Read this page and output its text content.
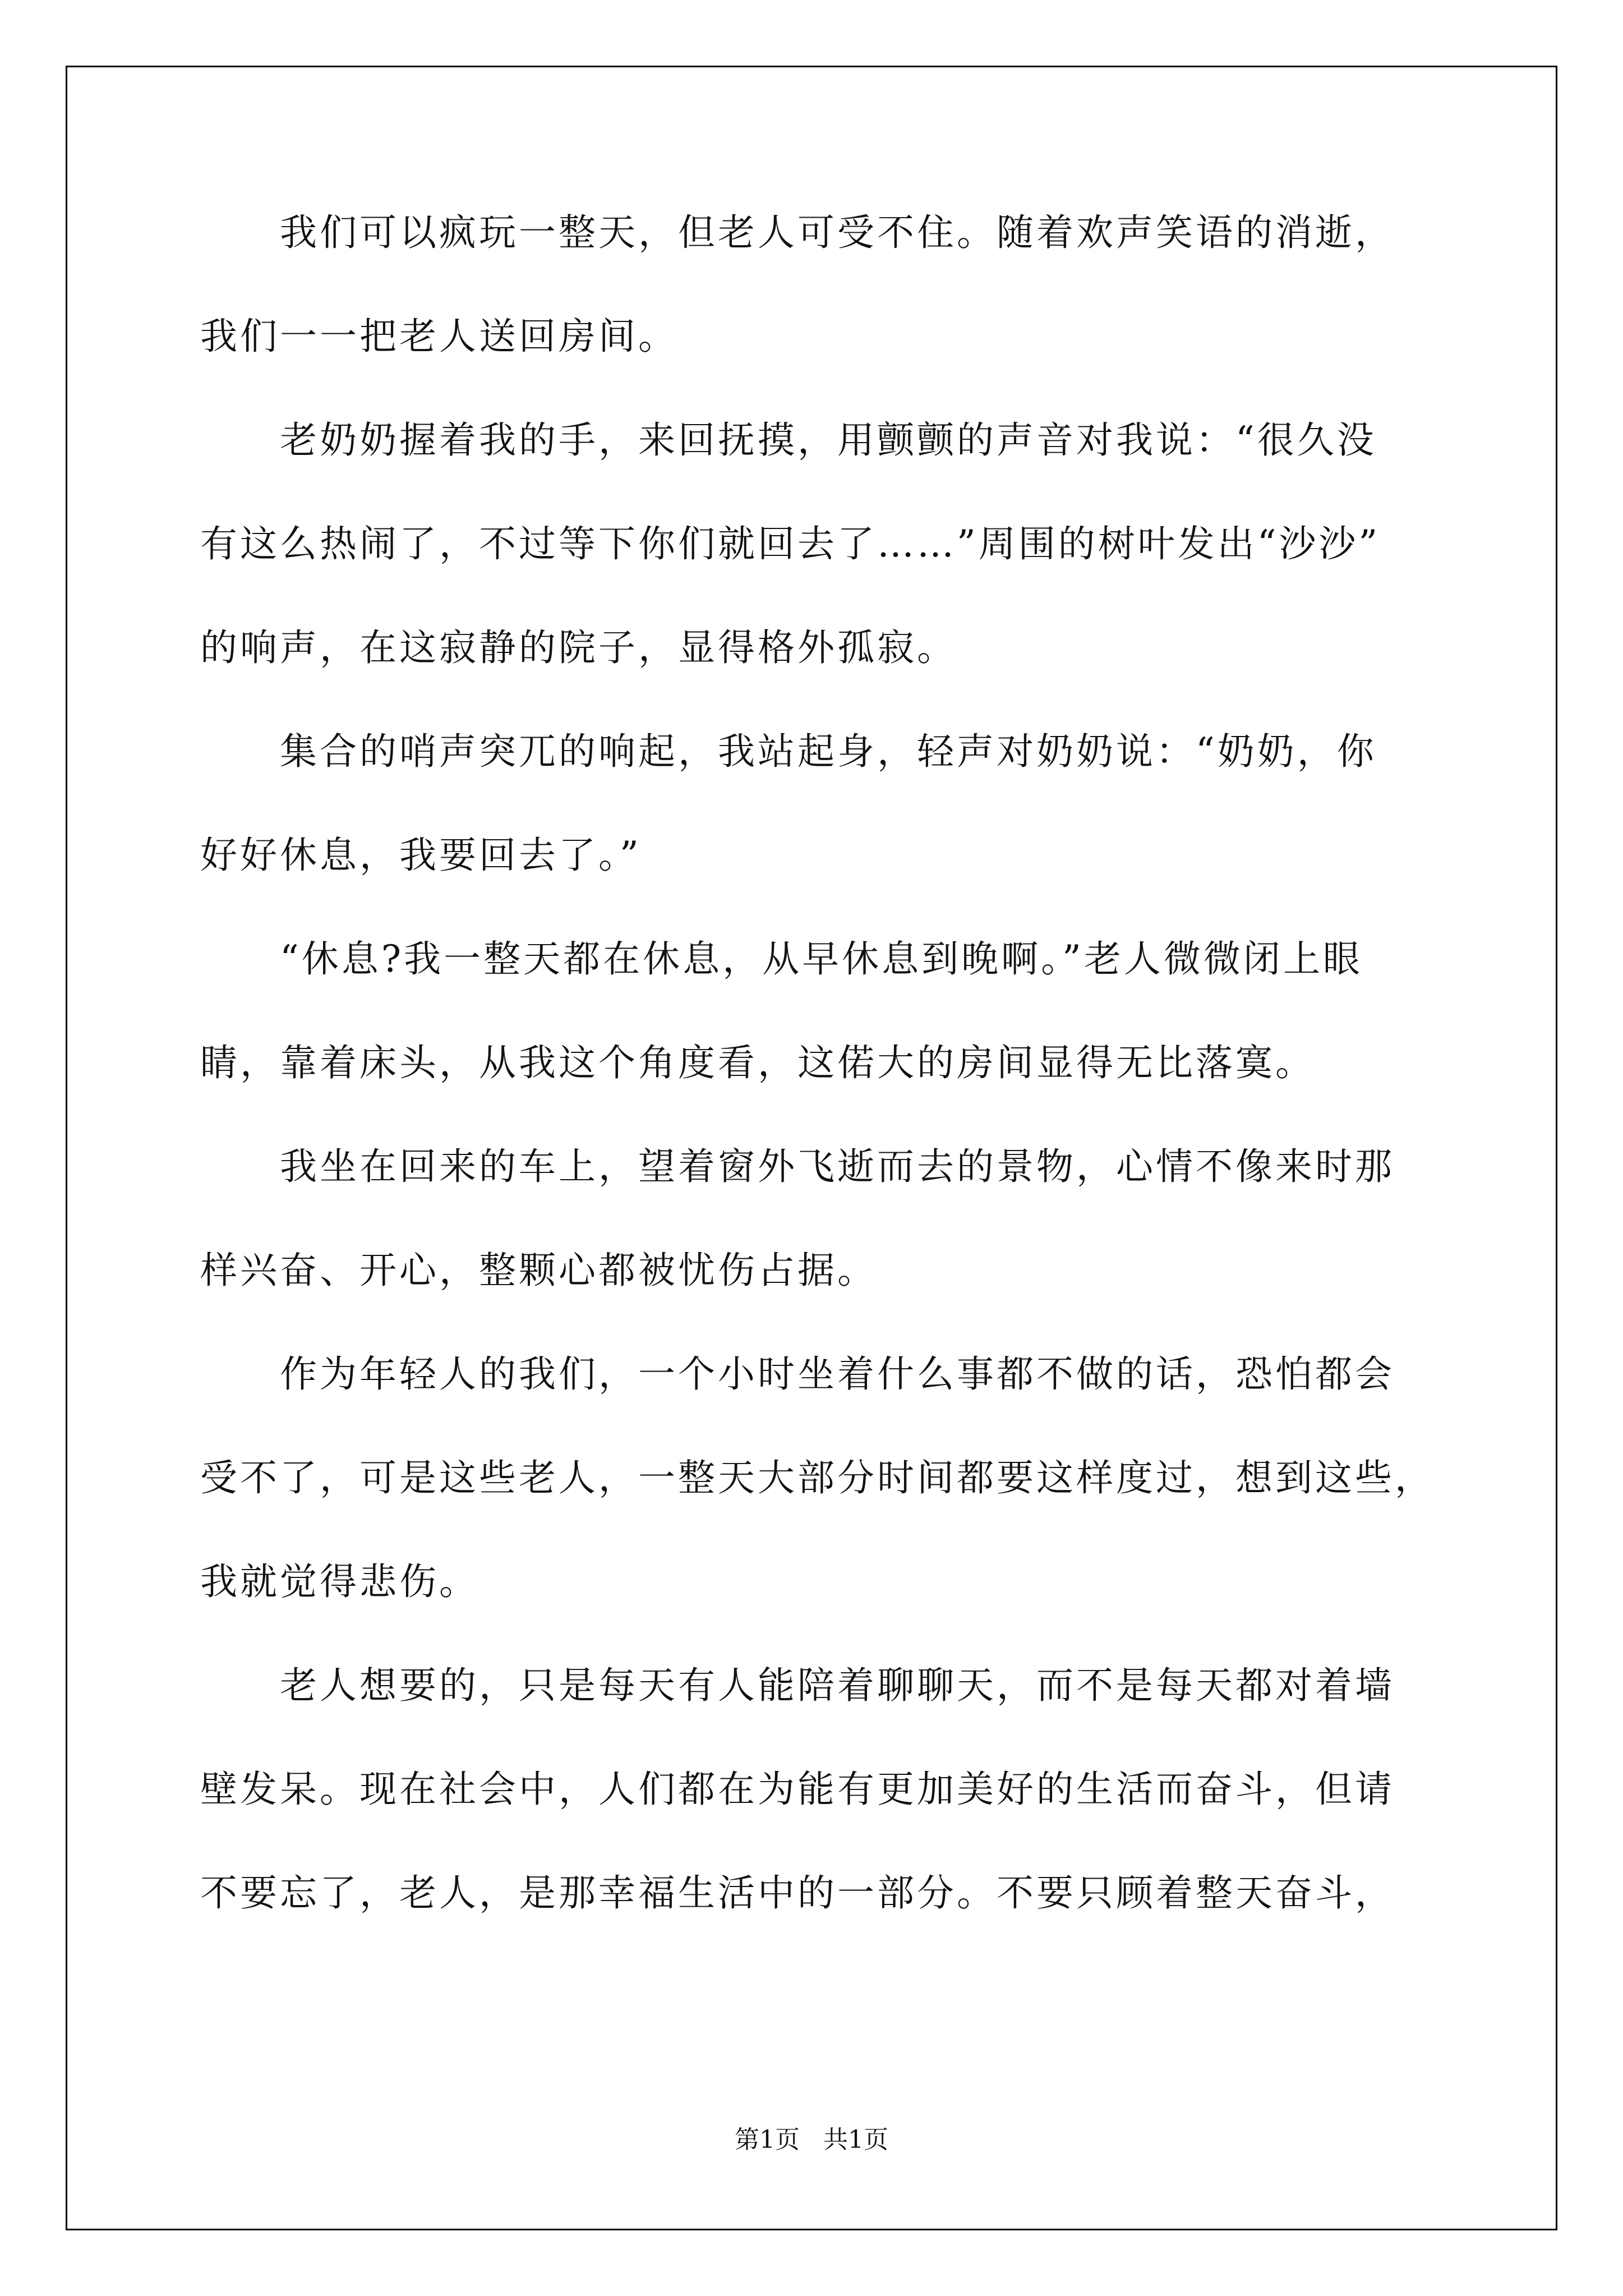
　　我们可以疯玩一整天，但老人可受不住。随着欢声笑语的消逝，
我们一一把老人送回房间。
　　老奶奶握着我的手，来回抚摸，用颤颤的声音对我说：“很久没
有这么热闹了，不过等下你们就回去了……”周围的树叶发出“沙沙”
的响声，在这寂静的院子，显得格外孤寂。
　　集合的哨声突兀的响起，我站起身，轻声对奶奶说：“奶奶，你
好好休息，我要回去了。”
　　“休息?我一整天都在休息，从早休息到晚啊。”老人微微闭上眼
睛，靠着床头，从我这个角度看，这偌大的房间显得无比落寞。
　　我坐在回来的车上，望着窗外飞逝而去的景物，心情不像来时那
样兴奋、开心，整颗心都被忧伤占据。
　　作为年轻人的我们，一个小时坐着什么事都不做的话，恐怕都会
受不了，可是这些老人，一整天大部分时间都要这样度过，想到这些，
我就觉得悲伤。
　　老人想要的，只是每天有人能陪着聊聊天，而不是每天都对着墙
壁发呆。现在社会中，人们都在为能有更加美好的生活而奋斗，但请
不要忘了，老人，是那幸福生活中的一部分。不要只顾着整天奋斗，
第1页   共1页
